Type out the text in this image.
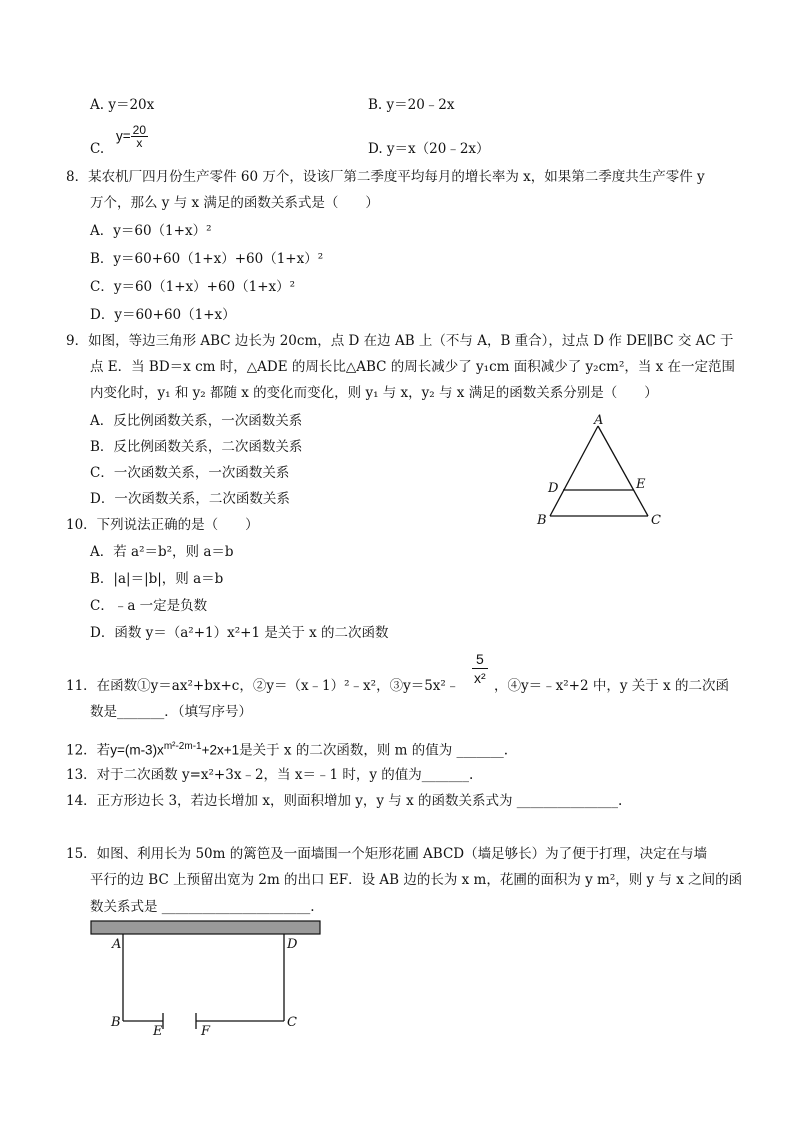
A. y＝20x	B. y＝20﹣2x
C.
$y= \frac{20}{x}$	D. y＝x（20﹣2x）
8．某农机厂四月份生产零件 60 万个，设该厂第二季度平均每月的增长率为 x，如果第二季度共生产零件 y
万个，那么 y 与 x 满足的函数关系式是（　　）
A．y＝60（1+x）²
B．y＝60+60（1+x）+60（1+x）²
C．y＝60（1+x）+60（1+x）²
D．y＝60+60（1+x）
9．如图，等边三角形 ABC 边长为 20cm，点 D 在边 AB 上（不与 A，B 重合），过点 D 作 DE∥BC 交 AC 于
点 E．当 BD＝x cm 时，△ADE 的周长比△ABC 的周长减少了 y₁cm 面积减少了 y₂cm²，当 x 在一定范围
内变化时，y₁ 和 y₂ 都随 x 的变化而变化，则 y₁ 与 x，y₂ 与 x 满足的函数关系分别是（　　）
A．反比例函数关系，一次函数关系
B．反比例函数关系，二次函数关系
C．一次函数关系，一次函数关系
D．一次函数关系，二次函数关系
A
B	C
D	E
10．下列说法正确的是（　　）
A．若 a²＝b²，则 a＝b
B．|a|＝|b|，则 a＝b
C．﹣a 一定是负数
D．函数 y＝（a²+1）x²+1 是关于 x 的二次函数
11．在函数①y＝ax²+bx+c，②y＝（x﹣1）²﹣x²，③y＝5x²﹣ $\frac{5}{\text{x²}}$ ，④y＝﹣x²+2 中，y 关于 x 的二次函
数是_______．（填写序号）
12．若$y=(m-3)x^{m^2-2m-1}+2x+1$是关于 x 的二次函数，则 m 的值为 _______.
13．对于二次函数 y=x²+3x﹣2，当 x＝﹣1 时，y 的值为_______.
14．正方形边长 3，若边长增加 x，则面积增加 y，y 与 x 的函数关系式为 _______________.
15．如图、利用长为 50m 的篱笆及一面墙围一个矩形花圃 ABCD（墙足够长）为了便于打理，决定在与墙
平行的边 BC 上预留出宽为 2m 的出口 EF．设 AB 边的长为 x m，花圃的面积为 y m²，则 y 与 x 之间的函
数关系式是 ______________________.
A	D
B	C
E	F
